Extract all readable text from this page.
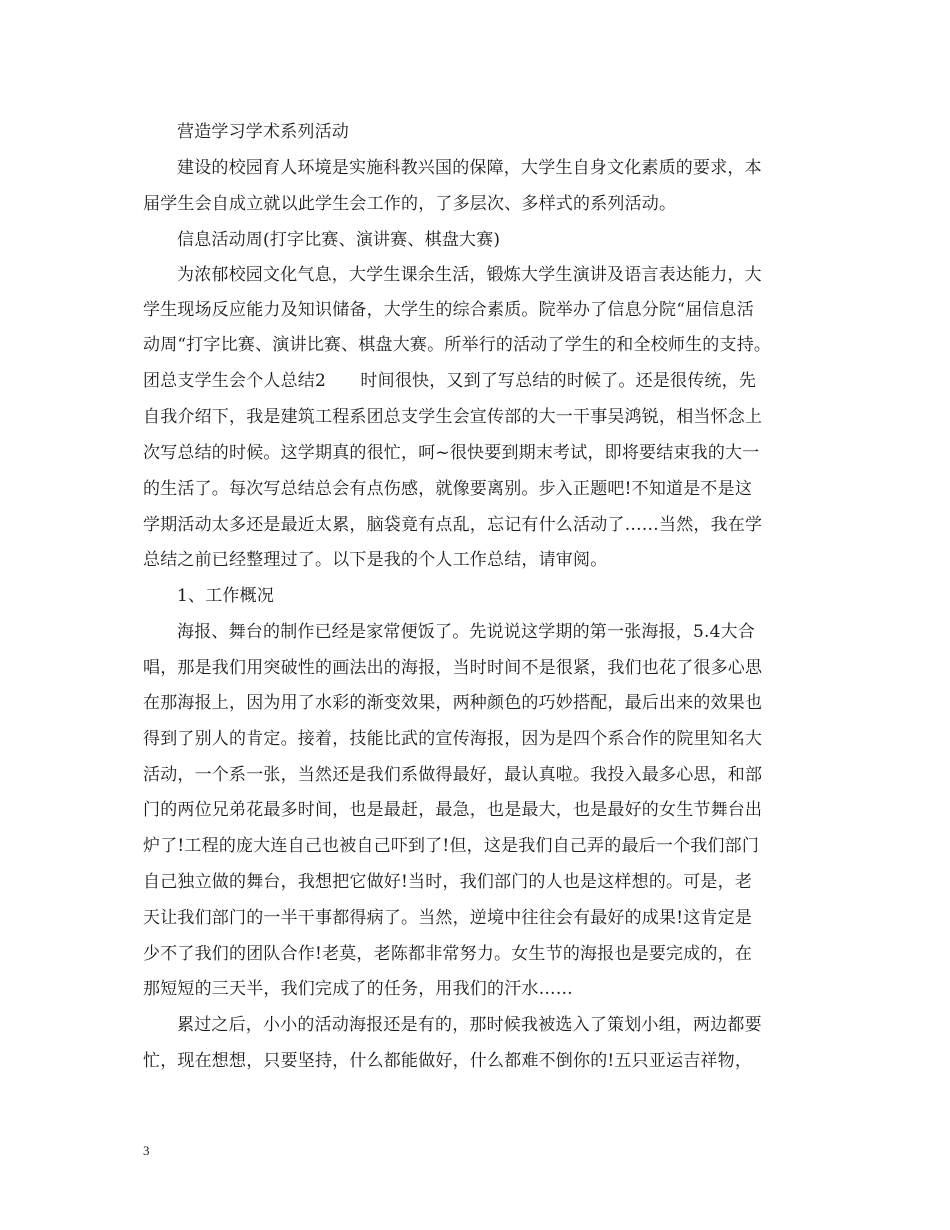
营造学习学术系列活动
建设的校园育人环境是实施科教兴国的保障，大学生自身文化素质的要求，本
届学生会自成立就以此学生会工作的，了多层次、多样式的系列活动。
信息活动周(打字比赛、演讲赛、棋盘大赛)
为浓郁校园文化气息，大学生课余生活，锻炼大学生演讲及语言表达能力，大
学生现场反应能力及知识储备，大学生的综合素质。院举办了信息分院“届信息活
动周“打字比赛、演讲比赛、棋盘大赛。所举行的活动了学生的和全校师生的支持。
团总支学生会个人总结2　　时间很快，又到了写总结的时候了。还是很传统，先
自我介绍下，我是建筑工程系团总支学生会宣传部的大一干事吴鸿锐，相当怀念上
次写总结的时候。这学期真的很忙，呵~很快要到期末考试，即将要结束我的大一
的生活了。每次写总结总会有点伤感，就像要离别。步入正题吧!不知道是不是这
学期活动太多还是最近太累，脑袋竟有点乱，忘记有什么活动了……当然，我在学
总结之前已经整理过了。以下是我的个人工作总结，请审阅。
1、工作概况
海报、舞台的制作已经是家常便饭了。先说说这学期的第一张海报，5.4大合
唱，那是我们用突破性的画法出的海报，当时时间不是很紧，我们也花了很多心思
在那海报上，因为用了水彩的渐变效果，两种颜色的巧妙搭配，最后出来的效果也
得到了别人的肯定。接着，技能比武的宣传海报，因为是四个系合作的院里知名大
活动，一个系一张，当然还是我们系做得最好，最认真啦。我投入最多心思，和部
门的两位兄弟花最多时间，也是最赶，最急，也是最大，也是最好的女生节舞台出
炉了!工程的庞大连自己也被自己吓到了!但，这是我们自己弄的最后一个我们部门
自己独立做的舞台，我想把它做好!当时，我们部门的人也是这样想的。可是，老
天让我们部门的一半干事都得病了。当然，逆境中往往会有最好的成果!这肯定是
少不了我们的团队合作!老莫，老陈都非常努力。女生节的海报也是要完成的，在
那短短的三天半，我们完成了的任务，用我们的汗水……
累过之后，小小的活动海报还是有的，那时候我被选入了策划小组，两边都要
忙，现在想想，只要坚持，什么都能做好，什么都难不倒你的!五只亚运吉祥物，
3
